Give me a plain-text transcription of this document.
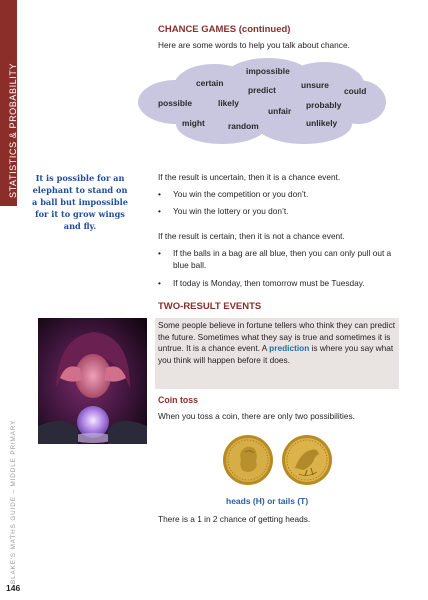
STATISTICS & PROBABILITY
BLAKE'S MATHS GUIDE – MIDDLE PRIMARY
146
CHANCE GAMES (continued)
Here are some words to help you talk about chance.
impossible
certain	unsure
predict	could
possible	likely	probably
unfair
might	random	unlikely
It is possible for an elephant to stand on a ball but impossible for it to grow wings and fly.
If the result is uncertain, then it is a chance event.
• You win the competition or you don’t.
• You win the lottery or you don’t.
If the result is certain, then it is not a chance event.
• If the balls in a bag are all blue, then you can only pull out a blue ball.
• If today is Monday, then tomorrow must be Tuesday.
TWO-RESULT EVENTS
Some people believe in fortune tellers who think they can predict the future. Sometimes what they say is true and sometimes it is untrue. It is a chance event. A prediction is where you say what you think will happen before it does.
Coin toss
When you toss a coin, there are only two possibilities.
heads (H) or tails (T)
There is a 1 in 2 chance of getting heads.
